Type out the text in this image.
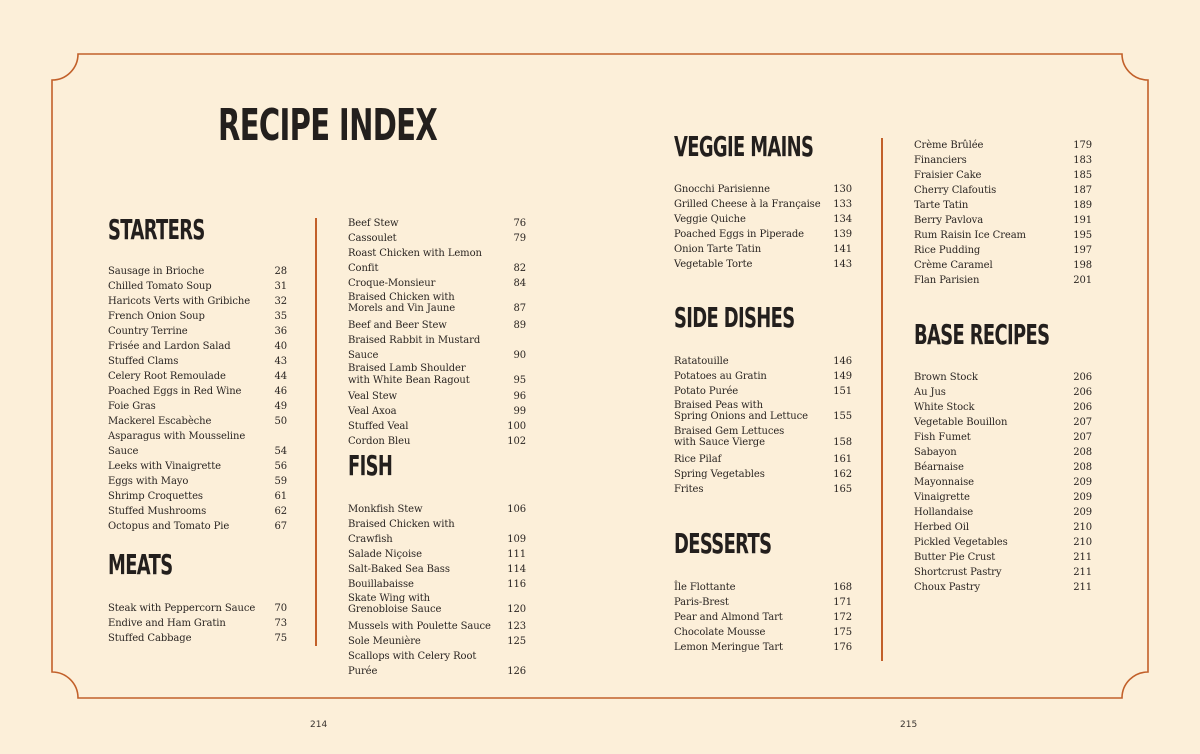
RECIPE INDEX
STARTERS
Sausage in Brioche	28
Chilled Tomato Soup	31
Haricots Verts with Gribiche 32
French Onion Soup	35
Country Terrine	36
Frisée and Lardon Salad	40
Stuffed Clams	43
Celery Root Remoulade	44
Poached Eggs in Red Wine	46
Foie Gras	49
Mackerel Escabèche	50
Asparagus with Mousseline Sauce	54
Leeks with Vinaigrette	56
Eggs with Mayo	59
Shrimp Croquettes	61
Stuffed Mushrooms	62
Octopus and Tomato Pie	67
MEATS
Steak with Peppercorn Sauce 70
Endive and Ham Gratin	73
Stuffed Cabbage	75
Beef Stew	76
Cassoulet	79
Roast Chicken with Lemon Confit	82
Croque-Monsieur	84
Braised Chicken with
Morels and Vin Jaune	87
Beef and Beer Stew	89
Braised Rabbit in Mustard Sauce	90
Braised Lamb Shoulder
with White Bean Ragout	95
Veal Stew	96
Veal Axoa	99
Stuffed Veal	100
Cordon Bleu	102
FISH
Monkfish Stew	106
Braised Chicken with Crawfish	109
Salade Niçoise	111
Salt-Baked Sea Bass	114
Bouillabaisse	116
Skate Wing with
Grenobloise Sauce	120
Mussels with Poulette Sauce 123
Sole Meunière	125
Scallops with Celery Root Purée	126
VEGGIE MAINS
Gnocchi Parisienne	130
Grilled Cheese à la Française 133
Veggie Quiche	134
Poached Eggs in Piperade	139
Onion Tarte Tatin	141
Vegetable Torte	143
SIDE DISHES
Ratatouille	146
Potatoes au Gratin	149
Potato Purée	151
Braised Peas with
Spring Onions and Lettuce	155
Braised Gem Lettuces
with Sauce Vierge	158
Rice Pilaf	161
Spring Vegetables	162
Frites	165
DESSERTS
Île Flottante	168
Paris-Brest	171
Pear and Almond Tart	172
Chocolate Mousse	175
Lemon Meringue Tart	176
Crème Brûlée	179
Financiers	183
Fraisier Cake	185
Cherry Clafoutis	187
Tarte Tatin	189
Berry Pavlova	191
Rum Raisin Ice Cream	195
Rice Pudding	197
Crème Caramel	198
Flan Parisien	201
BASE RECIPES
Brown Stock	206
Au Jus	206
White Stock	206
Vegetable Bouillon	207
Fish Fumet	207
Sabayon	208
Béarnaise	208
Mayonnaise	209
Vinaigrette	209
Hollandaise	209
Herbed Oil	210
Pickled Vegetables	210
Butter Pie Crust	211
Shortcrust Pastry	211
Choux Pastry	211
214	215
